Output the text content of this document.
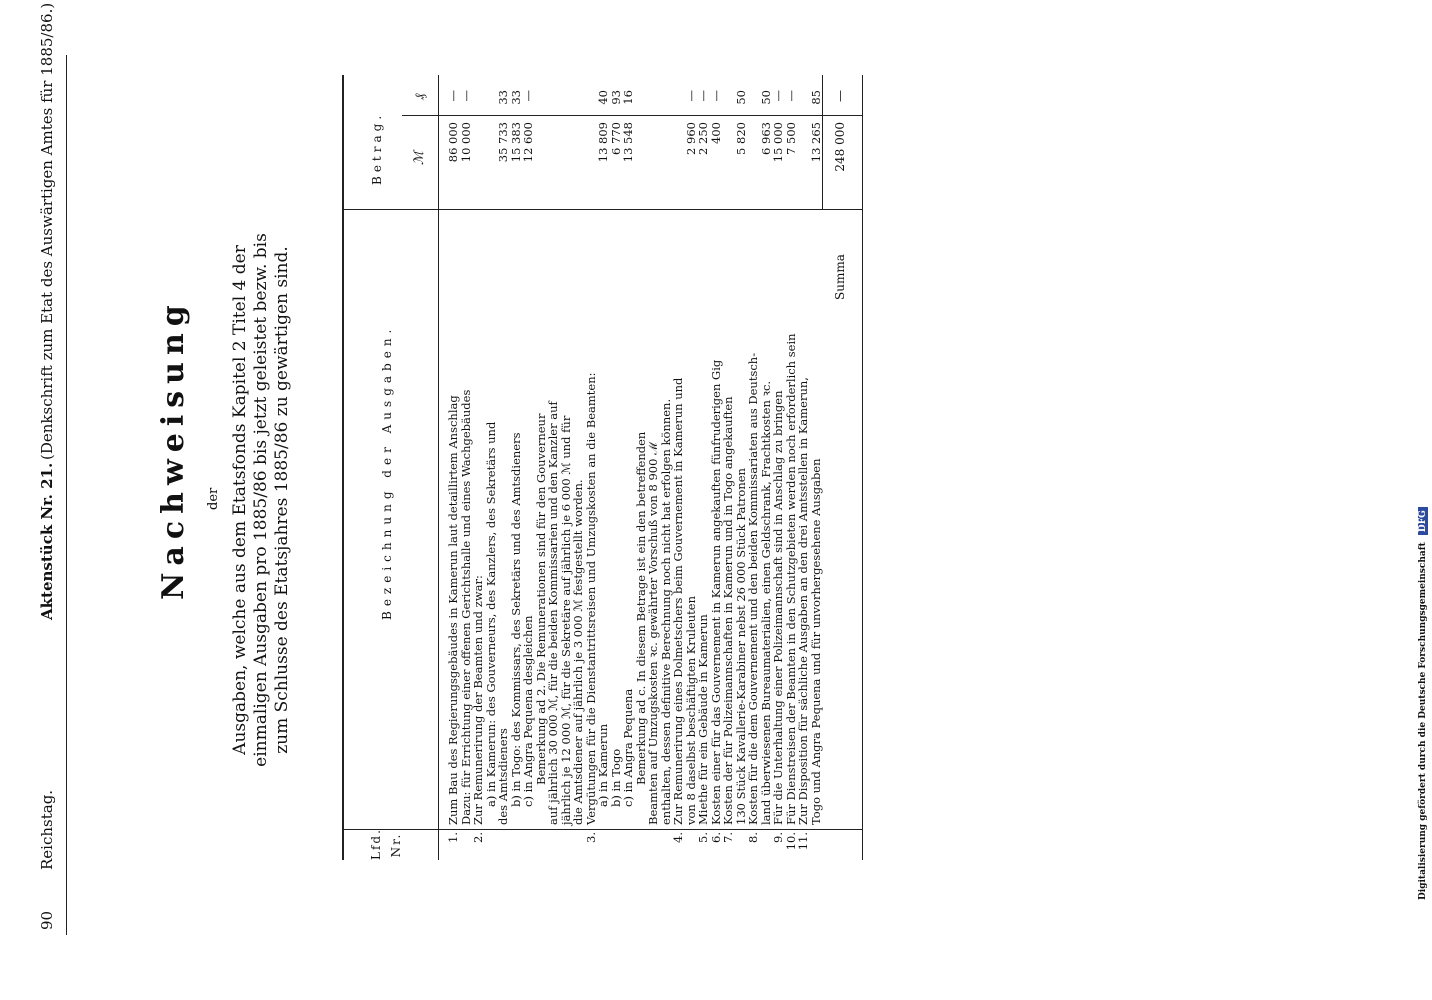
90
Reichstag.
Aktenstück Nr. 21.
(Denkschrift zum Etat des Auswärtigen Amtes für 1885/86.)	Nachweisung der Ausgaben, welche aus dem Etatsfonds Kapitel 2 Titel 4 der einmaligen Ausgaben pro 1885/86 bis jetzt geleistet bezw. bis zum Schlusse des Etatsjahres 1885/86 zu gewärtigen sind.
Lfd. Nr.
Bezeichnung der Ausgaben.
Betrag. ℳ
₰
1.
Zum Bau des Regierungsgebäudes in Kamerun laut detaillirtem Anschlag
86 000
—
Dazu: für Errichtung einer offenen Gerichtshalle und eines Wachgebäudes
10 000
—
2.
Zur Remunerirung der Beamten und zwar:
a) in Kamerun: des Gouverneurs, des Kanzlers, des Sekretärs und
des Amtsdieners
35 733
33
b) in Togo: des Kommissars, des Sekretärs und des Amtsdieners
15 383
33
c) in Angra Pequena desgleichen
12 600
—
Bemerkung ad 2. Die Remunerationen sind für den Gouverneur
auf jährlich 30 000 ℳ, für die beiden Kommissarien und den Kanzler auf
jährlich je 12 000 ℳ, für die Sekretäre auf jährlich je 6 000 ℳ und für
die Amtsdiener auf jährlich je 3 000 ℳ festgestellt worden.
3.
Vergütungen für die Dienstantrittsreisen und Umzugskosten an die Beamten:
a) in Kamerun
13 809
40
b) in Togo
6 770
93
c) in Angra Pequena
13 548
16
Bemerkung ad c. In diesem Betrage ist ein den betreffenden
Beamten auf Umzugskosten ꝛc. gewährter Vorschuß von 8 900 ℳ
enthalten, dessen definitive Berechnung noch nicht hat erfolgen können.
4.
Zur Remunerirung eines Dolmetschers beim Gouvernement in Kamerun und
von 8 daselbst beschäftigten Kruleuten
2 960
—
5.
Miethe für ein Gebäude in Kamerun
2 250
—
6.
Kosten einer für das Gouvernement in Kamerun angekauften fünfruderigen Gig
400
—
7.
Kosten der für Polizeimannschaften in Kamerun und in Togo angekauften
130 Stück Kavallerie-Karabiner nebst 26 000 Stück Patronen
5 820
50
8.
Kosten für die dem Gouvernement und den beiden Kommissariaten aus Deutsch-
land überwiesenen Bureaumaterialien, einen Geldschrank, Frachtkosten ꝛc.
6 963
50
9.
Für die Unterhaltung einer Polizeimannschaft sind in Anschlag zu bringen
15 000
—
10.
Für Dienstreisen der Beamten in den Schutzgebieten werden noch erforderlich sein
7 500
—
11.
Zur Disposition für sächliche Ausgaben an den drei Amtsstellen in Kamerun,
Togo und Angra Pequena und für unvorhergesehene Ausgaben
13 265
85
Summa
248 000
—
Digitalisierung gefördert durch die Deutsche Forschungsgemeinschaft DFG
